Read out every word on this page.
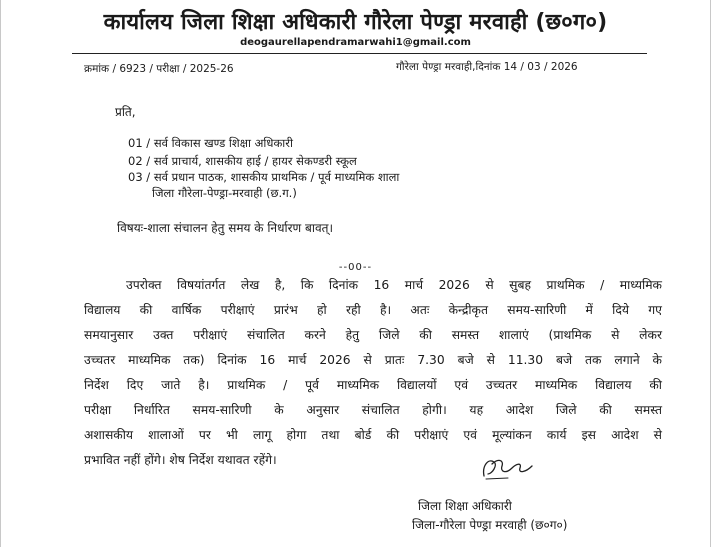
कार्यालय जिला शिक्षा अधिकारी गौरेला पेण्ड्रा मरवाही (छ०ग०)
deogaurellapendramarwahi1@gmail.com
क्रमांक / 6923 / परीक्षा / 2025-26	गौरेला पेण्ड्रा मरवाही,दिनांक 14 / 03 / 2026
प्रति,
01 / सर्व विकास खण्ड शिक्षा अधिकारी
02 / सर्व प्राचार्य, शासकीय हाई / हायर सेकण्डरी स्कूल
03 / सर्व प्रधान पाठक, शासकीय प्राथमिक / पूर्व माध्यमिक शाला
जिला गौरेला-पेण्ड्रा-मरवाही (छ.ग.)
विषयः-शाला संचालन हेतु समय के निर्धारण बावत्।
--00--
उपरोक्त विषयांतर्गत लेख है, कि दिनांक 16 मार्च 2026 से सुबह प्राथमिक / माध्यमिक
विद्यालय की वार्षिक परीक्षाएं प्रारंभ हो रही है। अतः केन्द्रीकृत समय-सारिणी में दिये गए
समयानुसार उक्त परीक्षाएं संचालित करने हेतु जिले की समस्त शालाएं (प्राथमिक से लेकर
उच्चतर माध्यमिक तक) दिनांक 16 मार्च 2026 से प्रातः 7.30 बजे से 11.30 बजे तक लगाने के
निर्देश दिए जाते है। प्राथमिक / पूर्व माध्यमिक विद्यालयों एवं उच्चतर माध्यमिक विद्यालय की
परीक्षा निर्धारित समय-सारिणी के अनुसार संचालित होगी। यह आदेश जिले की समस्त
अशासकीय शालाओं पर भी लागू होगा तथा बोर्ड की परीक्षाएं एवं मूल्यांकन कार्य इस आदेश से
प्रभावित नहीं होंगे। शेष निर्देश यथावत रहेंगे।
जिला शिक्षा अधिकारी
जिला-गौरेला पेण्ड्रा मरवाही (छ०ग०)
